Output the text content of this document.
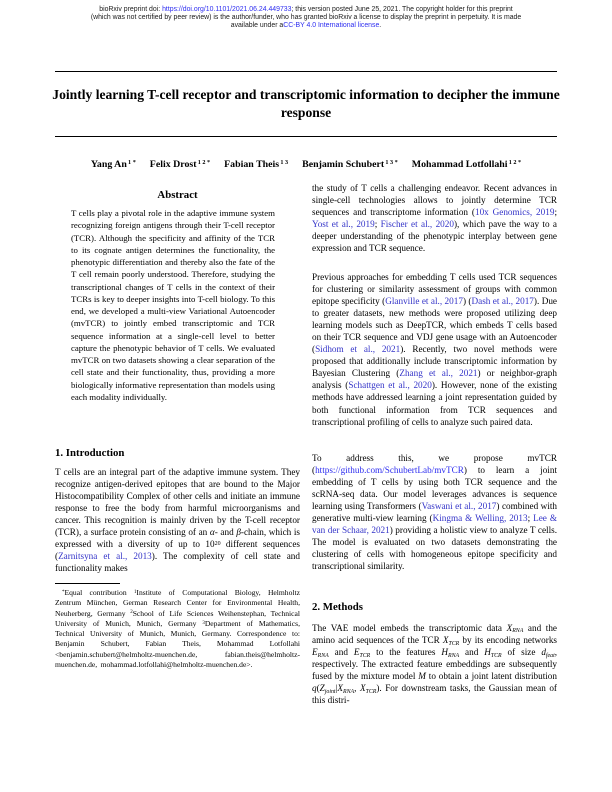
bioRxiv preprint doi: https://doi.org/10.1101/2021.06.24.449733; this version posted June 25, 2021. The copyright holder for this preprint
(which was not certified by peer review) is the author/funder, who has granted bioRxiv a license to display the preprint in perpetuity. It is made
available under aCC-BY 4.0 International license.
Jointly learning T-cell receptor and transcriptomic information to decipher the immune response
Yang An $^{1 *}$ Felix Drost $^{1 2 *}$ Fabian Theis $^{1 3}$ Benjamin Schubert $^{1 3 *}$ Mohammad Lotfollahi $^{1 2 *}$
Abstract

T cells play a pivotal role in the adaptive immune system recognizing foreign antigens through their T-cell receptor (TCR). Although the specificity and affinity of the TCR to its cognate antigen determines the functionality, the phenotypic differentiation and thereby also the fate of the T cell remain poorly understood. Therefore, studying the transcriptional changes of T cells in the context of their TCRs is key to deeper insights into T-cell biology. To this end, we developed a multi-view Variational Autoencoder (mvTCR) to jointly embed transcriptomic and TCR sequence information at a single-cell level to better capture the phenotypic behavior of T cells. We evaluated mvTCR on two datasets showing a clear separation of the cell state and their functionality, thus, providing a more biologically informative representation than models using each modality individually.

1. Introduction

T cells are an integral part of the adaptive immune system. They recognize antigen-derived epitopes that are bound to the Major Histocompatibility Complex of other cells and initiate an immune response to free the body from harmful microorganisms and cancer. This recognition is mainly driven by the T-cell receptor (TCR), a surface protein consisting of an α- and β-chain, which is expressed with a diversity of up to $10^{20}$ different sequences (Zarnitsyna et al., 2013). The complexity of cell state and functionality makes

*Equal contribution $^1$Institute of Computational Biology, Helmholtz Zentrum München, German Research Center for Environmental Health, Neuherberg, Germany $^2$School of Life Sciences Weihenstephan, Technical University of Munich, Munich, Germany $^3$Department of Mathematics, Technical University of Munich, Munich, Germany. Correspondence to: Benjamin Schubert, Fabian Theis, Mohammad Lotfollahi <benjamin.schubert@helmholtz-muenchen.de, fabian.theis@helmholtz-muenchen.de, mohammad.lotfollahi@helmholtz-muenchen.de>.

the study of T cells a challenging endeavor. Recent advances in single-cell technologies allows to jointly determine TCR sequences and transcriptome information (10x Genomics, 2019; Yost et al., 2019; Fischer et al., 2020), which pave the way to a deeper understanding of the phenotypic interplay between gene expression and TCR sequence.

Previous approaches for embedding T cells used TCR sequences for clustering or similarity assessment of groups with common epitope specificity (Glanville et al., 2017) (Dash et al., 2017). Due to greater datasets, new methods were proposed utilizing deep learning models such as DeepTCR, which embeds T cells based on their TCR sequence and VDJ gene usage with an Autoencoder (Sidhom et al., 2021). Recently, two novel methods were proposed that additionally include transcriptomic information by Bayesian Clustering (Zhang et al., 2021) or neighbor-graph analysis (Schattgen et al., 2020). However, none of the existing methods have addressed learning a joint representation guided by both functional information from TCR sequences and transcriptional profiling of cells to analyze such paired data.

To address this, we propose mvTCR (https://github.com/SchubertLab/mvTCR) to learn a joint embedding of T cells by using both TCR sequence and the scRNA-seq data. Our model leverages advances is sequence learning using Transformers (Vaswani et al., 2017) combined with generative multi-view learning (Kingma & Welling, 2013; Lee & van der Schaar, 2021) providing a holistic view to analyze T cells. The model is evaluated on two datasets demonstrating the clustering of cells with homogeneous epitope specificity and transcriptional similarity.

2. Methods

The VAE model embeds the transcriptomic data XRNA and the amino acid sequences of the TCR XTCR by its encoding networks ERNA and ETCR to the features HRNA and HTCR of size dfeat, respectively. The extracted feature embeddings are subsequently fused by the mixture model M to obtain a joint latent distribution q(Zjoint|XRNA, XTCR). For downstream tasks, the Gaussian mean of this distri-
